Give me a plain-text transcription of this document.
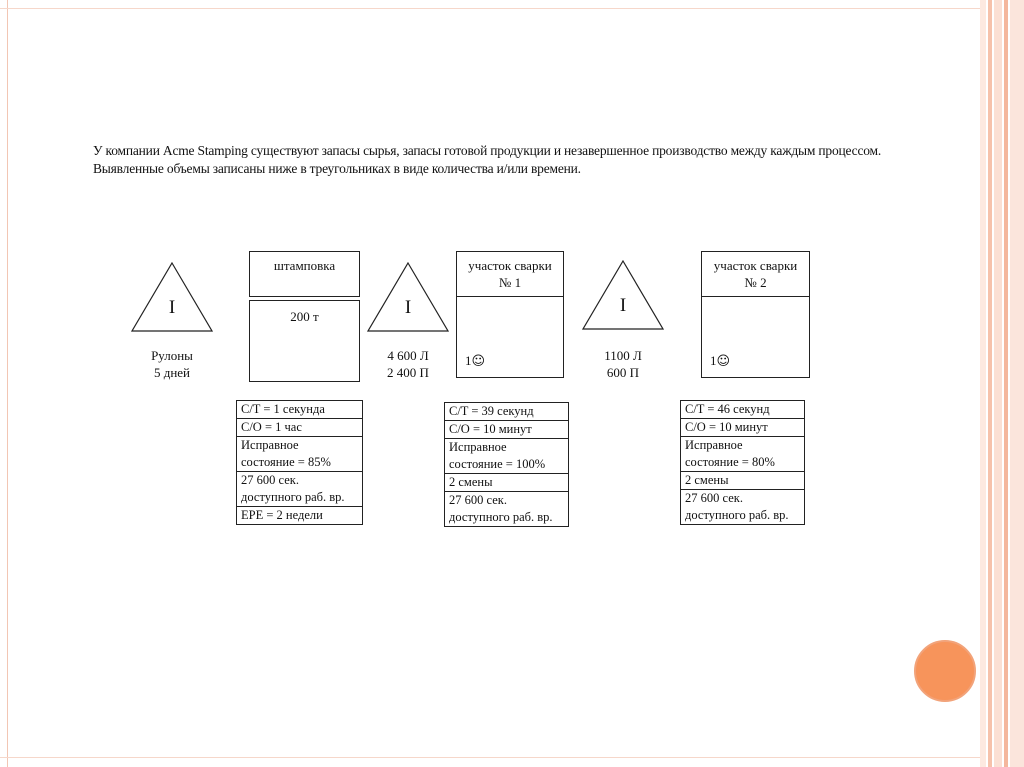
У компании Acme Stamping существуют запасы сырья, запасы готовой продукции и незавершенное производство между каждым процессом.
Выявленные объемы записаны ниже в треугольниках в виде количества и/или времени.
I
Рулоны
5 дней
штамповка
200 т
C/T = 1 секунда
C/O = 1 час
Исправное
состояние = 85%
27 600 сек.
доступного раб. вр.
EPE = 2 недели
I
4 600 Л
2 400 П
участок сварки
№ 1
1☺
C/T = 39 секунд
C/O = 10 минут
Исправное
состояние = 100%
2 смены
27 600 сек.
доступного раб. вр.
I
1100 Л
600 П
участок сварки
№ 2
1☺
C/T = 46 секунд
C/O = 10 минут
Исправное
состояние = 80%
2 смены
27 600 сек.
доступного раб. вр.
